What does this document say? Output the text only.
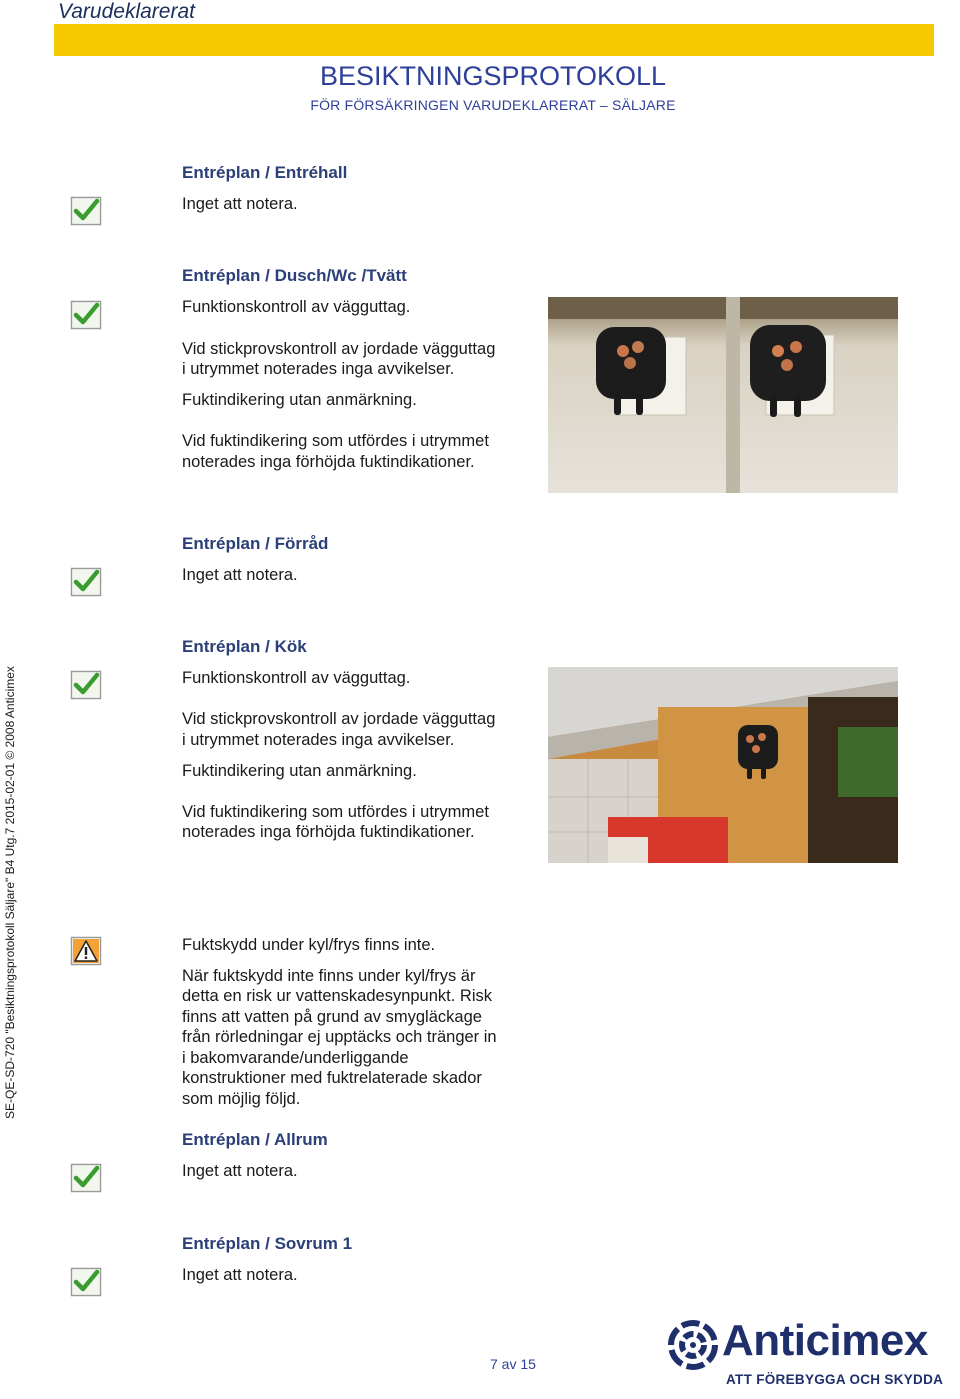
Varudeklarerat
BESIKTNINGSPROTOKOLL
FÖR FÖRSÄKRINGEN VARUDEKLARERAT – SÄLJARE
SE-QE-SD-720 "Besiktningsprotokoll Säljare" B4 Utg.7 2015-02-01 © 2008 Anticimex
Entréplan / Entréhall
Inget att notera.
Entréplan / Dusch/Wc /Tvätt
Funktionskontroll av vägguttag.
Vid stickprovskontroll av jordade vägguttag
i utrymmet noterades inga avvikelser.
Fuktindikering utan anmärkning.
Vid fuktindikering som utfördes i utrymmet
noterades inga förhöjda fuktindikationer.
Entréplan / Förråd
Inget att notera.
Entréplan / Kök
Funktionskontroll av vägguttag.
Vid stickprovskontroll av jordade vägguttag
i utrymmet noterades inga avvikelser.
Fuktindikering utan anmärkning.
Vid fuktindikering som utfördes i utrymmet
noterades inga förhöjda fuktindikationer.
Fuktskydd under kyl/frys finns inte.
När fuktskydd inte finns under kyl/frys är
detta en risk ur vattenskadesynpunkt. Risk
finns att vatten på grund av smygläckage
från rörledningar ej upptäcks och tränger in
i bakomvarande/underliggande
konstruktioner med fuktrelaterade skador
som möjlig följd.
Entréplan / Allrum
Inget att notera.
Entréplan / Sovrum 1
Inget att notera.
7 av 15	Anticimex
ATT FÖREBYGGA OCH SKYDDA
